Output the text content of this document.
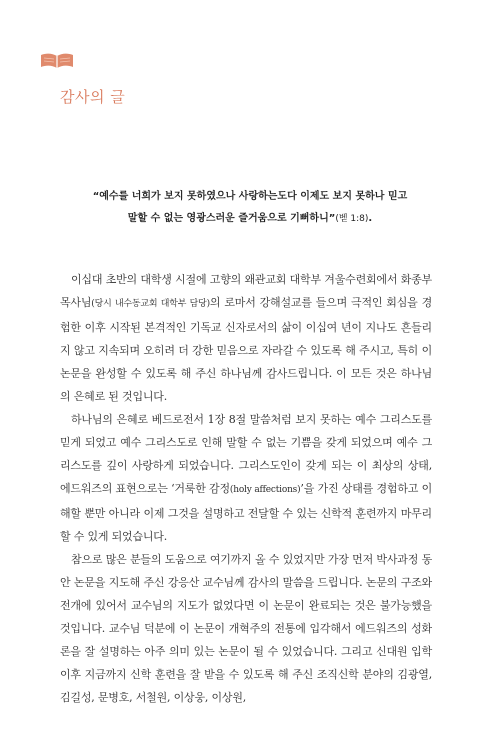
감사의 글
“예수를 너희가 보지 못하였으나 사랑하는도다 이제도 보지 못하나 믿고
말할 수 없는 영광스러운 즐거움으로 기뻐하니”(벧 1:8).

이십대 초반의 대학생 시절에 고향의 왜관교회 대학부 겨울수련회에서 화종부 목사님(당시 내수동교회 대학부 담당)의 로마서 강해설교를 들으며 극적인 회심을 경험한 이후 시작된 본격적인 기독교 신자로서의 삶이 이십여 년이 지나도 흔들리지 않고 지속되며 오히려 더 강한 믿음으로 자라갈 수 있도록 해 주시고, 특히 이 논문을 완성할 수 있도록 해 주신 하나님께 감사드립니다. 이 모든 것은 하나님의 은혜로 된 것입니다.

하나님의 은혜로 베드로전서 1장 8절 말씀처럼 보지 못하는 예수 그리스도를 믿게 되었고 예수 그리스도로 인해 말할 수 없는 기쁨을 갖게 되었으며 예수 그리스도를 깊이 사랑하게 되었습니다. 그리스도인이 갖게 되는 이 최상의 상태, 에드워즈의 표현으로는 ‘거룩한 감정(holy affections)’을 가진 상태를 경험하고 이해할 뿐만 아니라 이제 그것을 설명하고 전달할 수 있는 신학적 훈련까지 마무리할 수 있게 되었습니다.

참으로 많은 분들의 도움으로 여기까지 올 수 있었지만 가장 먼저 박사과정 동안 논문을 지도해 주신 강응산 교수님께 감사의 말씀을 드립니다. 논문의 구조와 전개에 있어서 교수님의 지도가 없었다면 이 논문이 완료되는 것은 불가능했을 것입니다. 교수님 덕분에 이 논문이 개혁주의 전통에 입각해서 에드워즈의 성화론을 잘 설명하는 아주 의미 있는 논문이 될 수 있었습니다. 그리고 신대원 입학 이후 지금까지 신학 훈련을 잘 받을 수 있도록 해 주신 조직신학 분야의 김광열, 김길성, 문병호, 서철원, 이상웅, 이상원,
